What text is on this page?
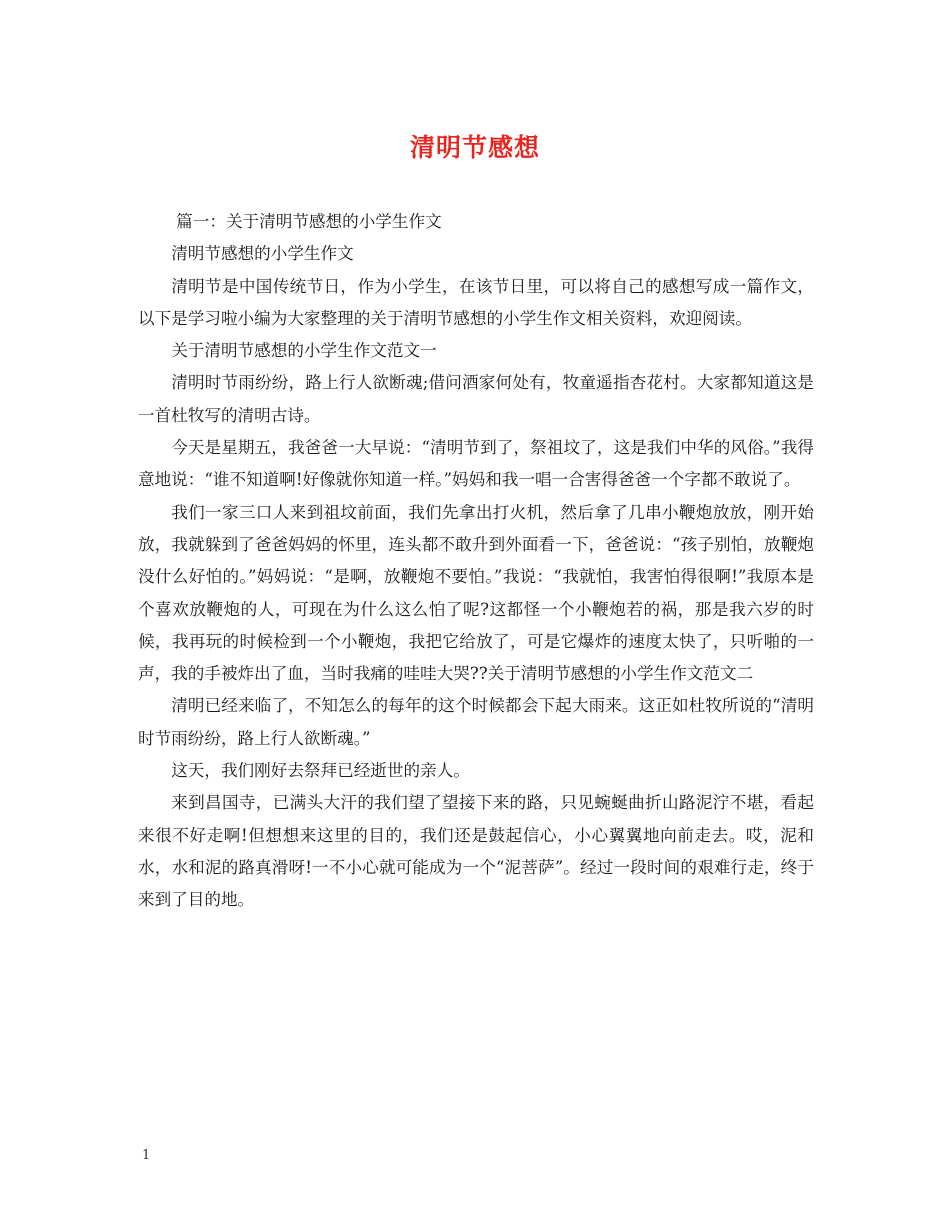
清明节感想

篇一：关于清明节感想的小学生作文

清明节感想的小学生作文

清明节是中国传统节日，作为小学生，在该节日里，可以将自己的感想写成一篇作文，以下是学习啦小编为大家整理的关于清明节感想的小学生作文相关资料，欢迎阅读。

关于清明节感想的小学生作文范文一

清明时节雨纷纷，路上行人欲断魂;借问酒家何处有，牧童遥指杏花村。大家都知道这是一首杜牧写的清明古诗。

今天是星期五，我爸爸一大早说：“清明节到了，祭祖坟了，这是我们中华的风俗。”我得意地说：“谁不知道啊!好像就你知道一样。”妈妈和我一唱一合害得爸爸一个字都不敢说了。

我们一家三口人来到祖坟前面，我们先拿出打火机，然后拿了几串小鞭炮放放，刚开始放，我就躲到了爸爸妈妈的怀里，连头都不敢升到外面看一下，爸爸说：“孩子别怕，放鞭炮没什么好怕的。”妈妈说：“是啊，放鞭炮不要怕。”我说：“我就怕，我害怕得很啊!”我原本是个喜欢放鞭炮的人，可现在为什么这么怕了呢?这都怪一个小鞭炮若的祸，那是我六岁的时候，我再玩的时候检到一个小鞭炮，我把它给放了，可是它爆炸的速度太快了，只听啪的一声，我的手被炸出了血，当时我痛的哇哇大哭??关于清明节感想的小学生作文范文二

清明已经来临了，不知怎么的每年的这个时候都会下起大雨来。这正如杜牧所说的“清明时节雨纷纷，路上行人欲断魂。”

这天，我们刚好去祭拜已经逝世的亲人。

来到昌国寺，已满头大汗的我们望了望接下来的路，只见蜿蜒曲折山路泥泞不堪，看起来很不好走啊!但想想来这里的目的，我们还是鼓起信心，小心翼翼地向前走去。哎，泥和水，水和泥的路真滑呀!一不小心就可能成为一个“泥菩萨”。经过一段时间的艰难行走，终于来到了目的地。

1
